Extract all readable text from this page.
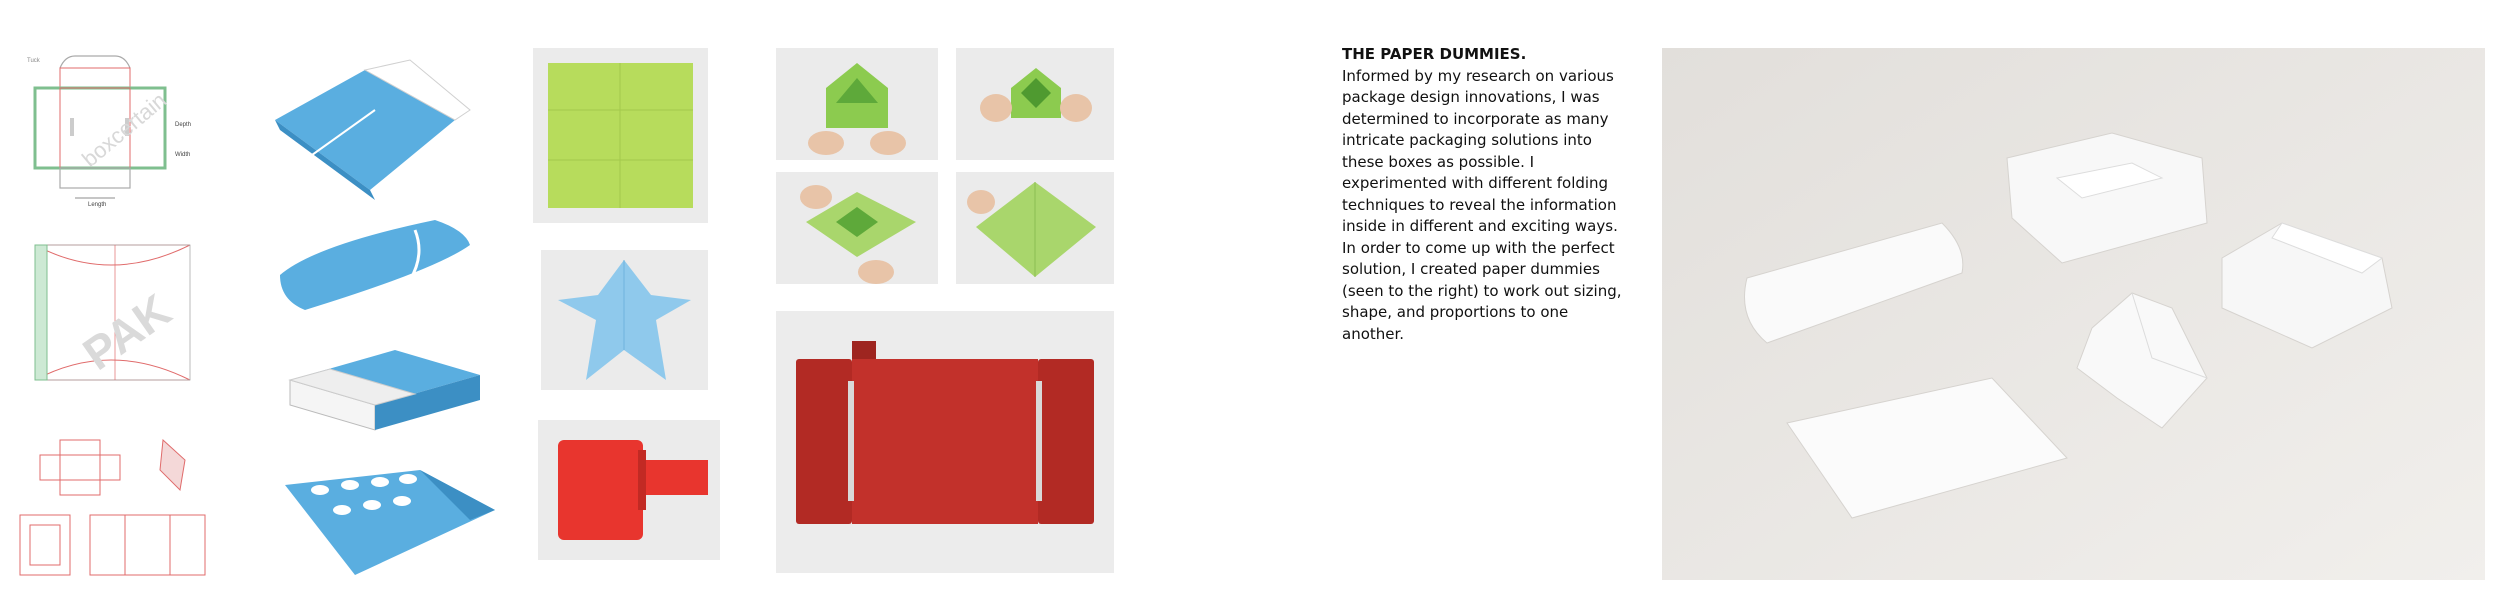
Tuck
Length
Depth
Width
boxcertain
PAK
THE PAPER DUMMIES.
Informed by my research on various package design innovations, I was determined to incorporate as many intricate packaging solutions into these boxes as possible. I experimented with different folding techniques to reveal the information inside in different and exciting ways. In order to come up with the perfect solution, I created paper dummies (seen to the right) to work out sizing, shape, and proportions to one another.
